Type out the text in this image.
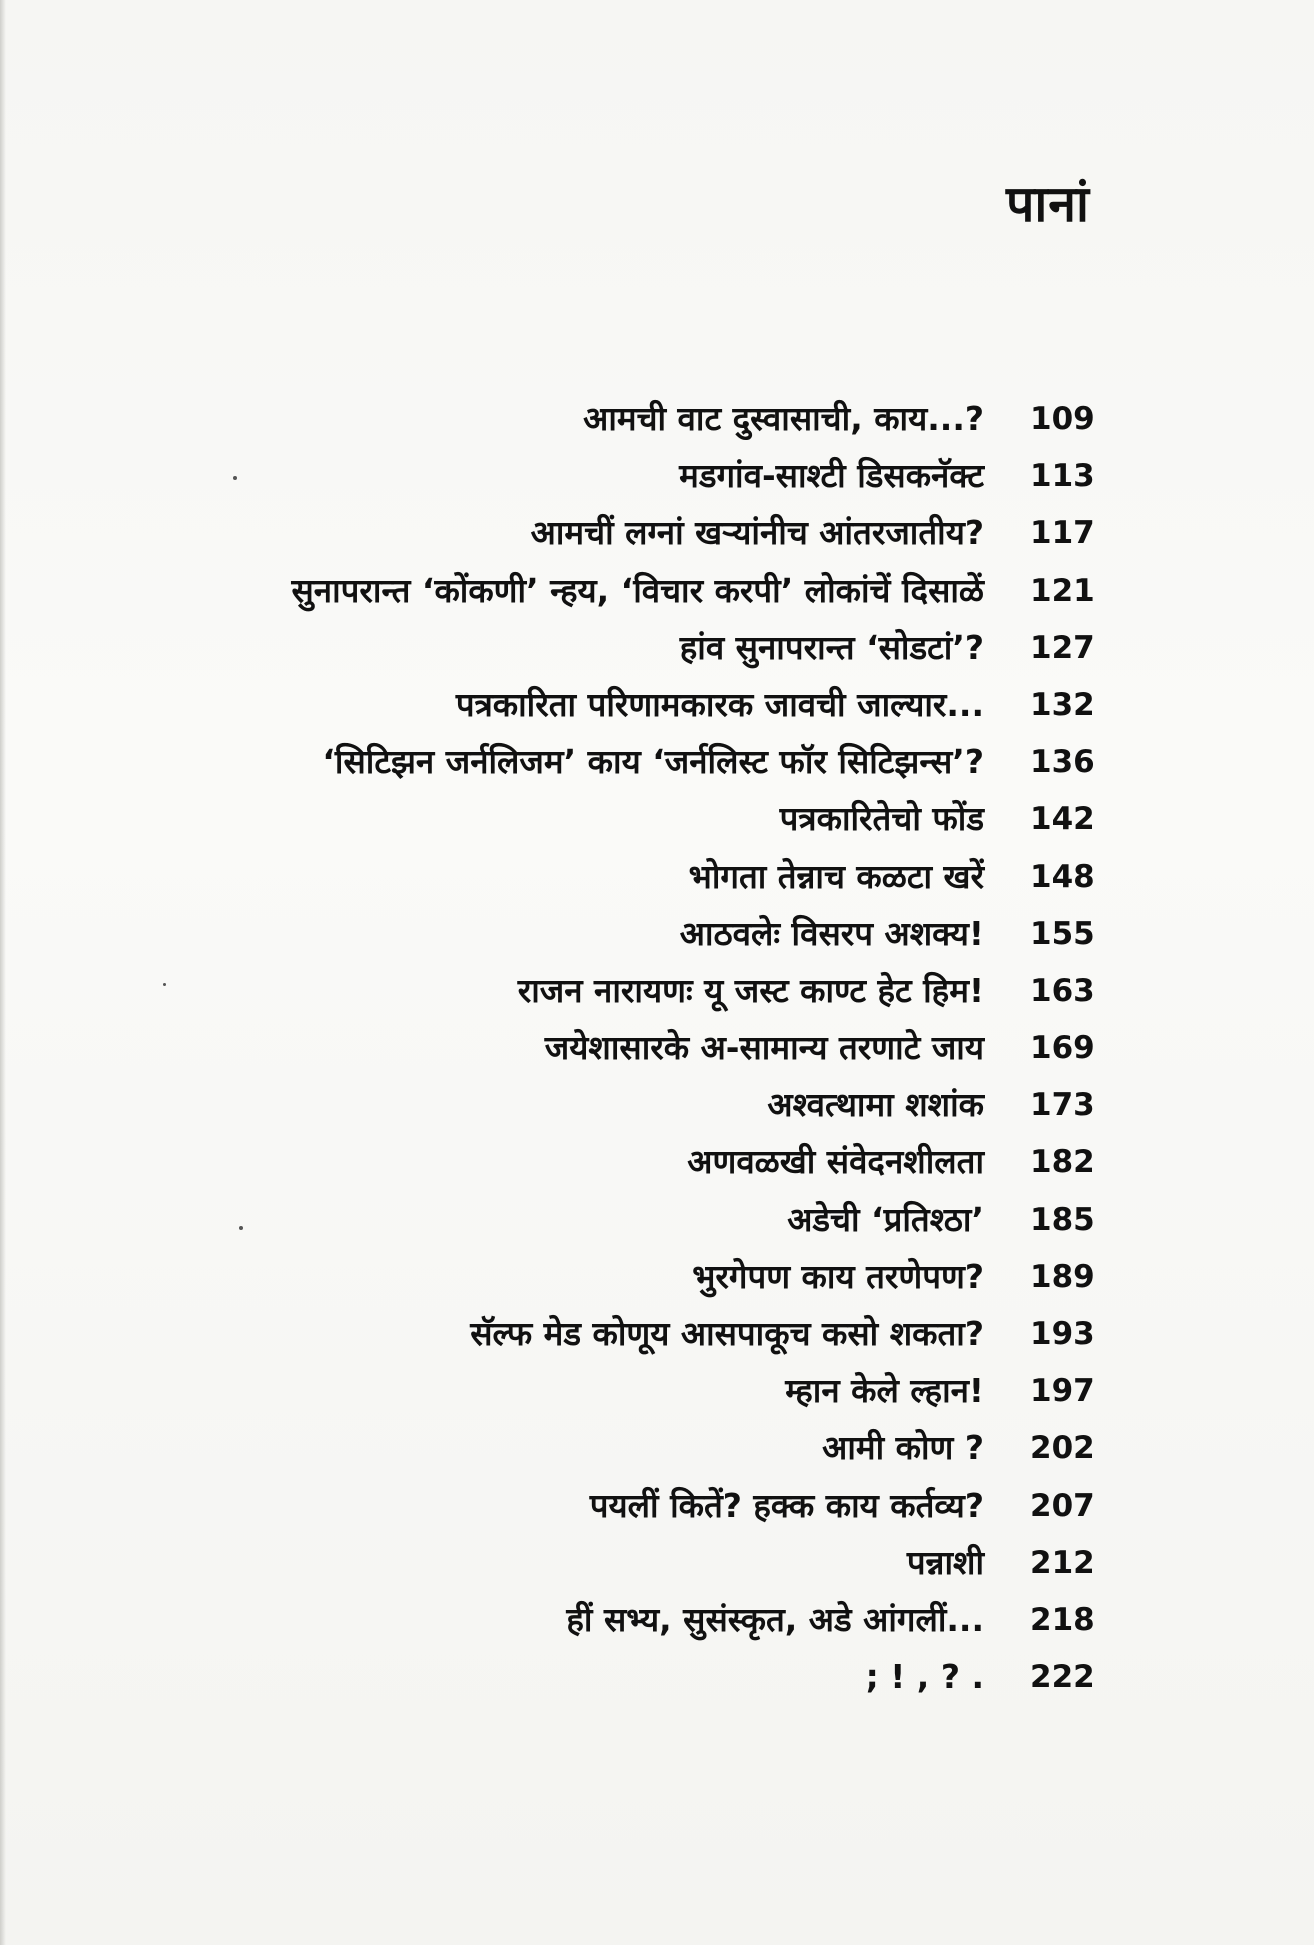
पानां
आमची वाट दुस्वासाची, काय...? 109
मडगांव-साश्टी डिसकनॅक्ट 113
आमचीं लग्नां खऱ्यांनीच आंतरजातीय? 117
सुनापरान्त ‘कोंकणी’ न्हय, ‘विचार करपी’ लोकांचें दिसाळें 121
हांव सुनापरान्त ‘सोडटां’? 127
पत्रकारिता परिणामकारक जावची जाल्यार... 132
‘सिटिझन जर्नलिजम’ काय ‘जर्नलिस्ट फॉर सिटिझन्स’? 136
पत्रकारितेचो फोंड 142
भोगता तेन्नाच कळटा खरें 148
आठवलेः विसरप अशक्य! 155
राजन नारायणः यू जस्ट काण्ट हेट हिम! 163
जयेशासारके अ-सामान्य तरणाटे जाय 169
अश्वत्थामा शशांक 173
अणवळखी संवेदनशीलता 182
अडेची ‘प्रतिश्ठा’ 185
भुरगेपण काय तरणेपण? 189
सॅल्फ मेड कोणूय आसपाकूच कसो शकता? 193
म्हान केले ल्हान! 197
आमी कोण ? 202
पयलीं कितें? हक्क काय कर्तव्य? 207
पन्नाशी 212
हीं सभ्य, सुसंस्कृत, अडे आंगलीं... 218
; ! , ? . 222
